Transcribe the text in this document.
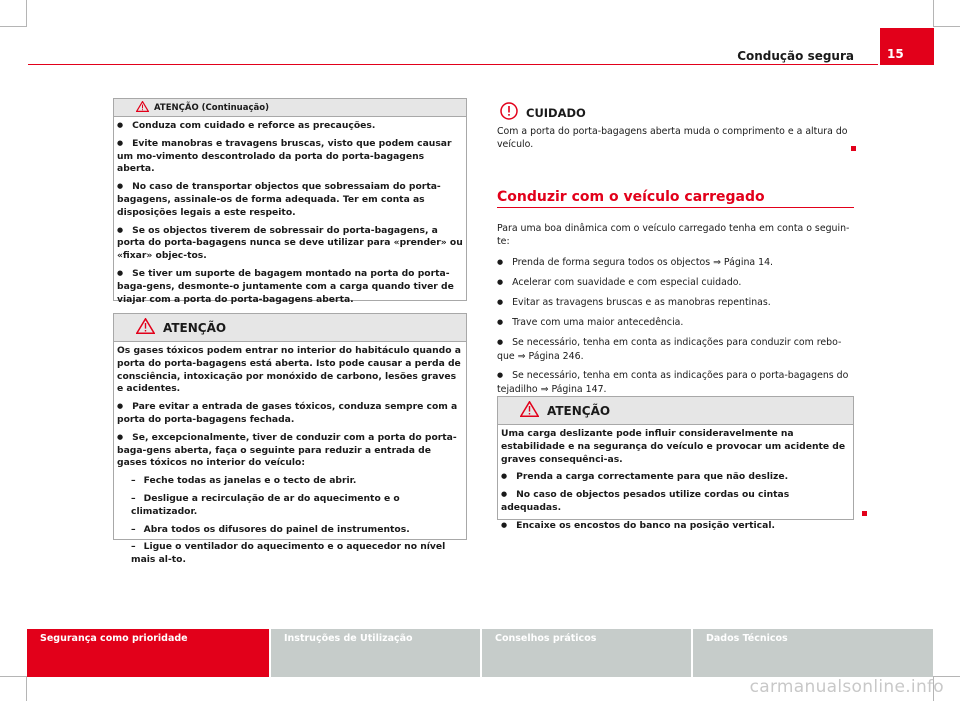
Condução segura	15
ATENÇÃO (Continuação)

● Conduza com cuidado e reforce as precauções.

● Evite manobras e travagens bruscas, visto que podem causar um mo-vimento descontrolado da porta do porta-bagagens aberta.

● No caso de transportar objectos que sobressaiam do porta-bagagens, assinale-os de forma adequada. Ter em conta as disposições legais a este respeito.

● Se os objectos tiverem de sobressair do porta-bagagens, a porta do porta-bagagens nunca se deve utilizar para «prender» ou «fixar» objec-tos.

● Se tiver um suporte de bagagem montado na porta do porta-baga-gens, desmonte-o juntamente com a carga quando tiver de viajar com a porta do porta-bagagens aberta.

ATENÇÃO

Os gases tóxicos podem entrar no interior do habitáculo quando a porta do porta-bagagens está aberta. Isto pode causar a perda de consciência, intoxicação por monóxido de carbono, lesões graves e acidentes.

● Pare evitar a entrada de gases tóxicos, conduza sempre com a porta do porta-bagagens fechada.

● Se, excepcionalmente, tiver de conduzir com a porta do porta-baga-gens aberta, faça o seguinte para reduzir a entrada de gases tóxicos no interior do veículo:

– Feche todas as janelas e o tecto de abrir.

– Desligue a recirculação de ar do aquecimento e o climatizador.

– Abra todos os difusores do painel de instrumentos.

– Ligue o ventilador do aquecimento e o aquecedor no nível mais al-to.

CUIDADO

Com a porta do porta-bagagens aberta muda o comprimento e a altura do veículo.

Conduzir com o veículo carregado

Para uma boa dinâmica com o veículo carregado tenha em conta o seguin-te:

● Prenda de forma segura todos os objectos ⇒ Página 14.

● Acelerar com suavidade e com especial cuidado.

● Evitar as travagens bruscas e as manobras repentinas.

● Trave com uma maior antecedência.

● Se necessário, tenha em conta as indicações para conduzir com rebo-que ⇒ Página 246.

● Se necessário, tenha em conta as indicações para o porta-bagagens do tejadilho ⇒ Página 147.

ATENÇÃO

Uma carga deslizante pode influir consideravelmente na estabilidade e na segurança do veículo e provocar um acidente de graves consequênci-as.

● Prenda a carga correctamente para que não deslize.

● No caso de objectos pesados utilize cordas ou cintas adequadas.

● Encaixe os encostos do banco na posição vertical.

Segurança como prioridade	Instruções de Utilização	Conselhos práticos	Dados Técnicos
carmanualsonline.info
